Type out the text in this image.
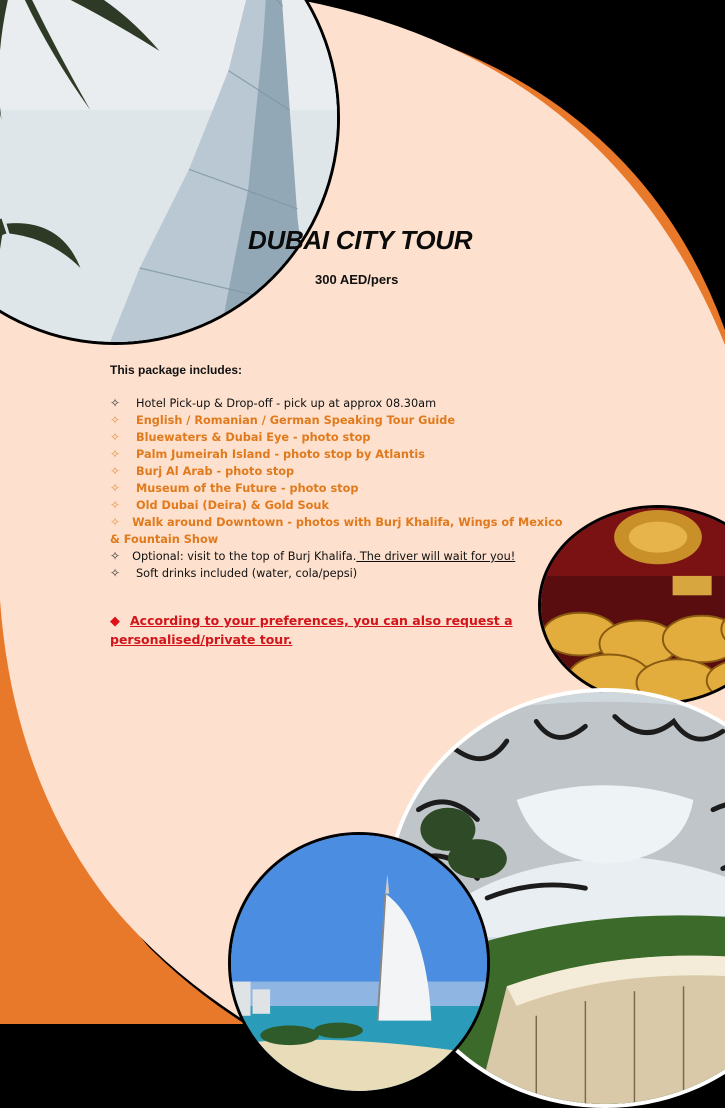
DUBAI CITY TOUR
300 AED/pers
This package includes:
✧ Hotel Pick-up & Drop-off - pick up at approx 08.30am
✧ English / Romanian / German Speaking Tour Guide
✧ Bluewaters & Dubai Eye - photo stop
✧ Palm Jumeirah Island - photo stop by Atlantis
✧ Burj Al Arab - photo stop
✧ Museum of the Future - photo stop
✧ Old Dubai (Deira) & Gold Souk
✧ Walk around Downtown - photos with Burj Khalifa, Wings of Mexico & Fountain Show
✧ Optional: visit to the top of Burj Khalifa. The driver will wait for you!
✧ Soft drinks included (water, cola/pepsi)
◆ According to your preferences, you can also request a personalised/private tour.
